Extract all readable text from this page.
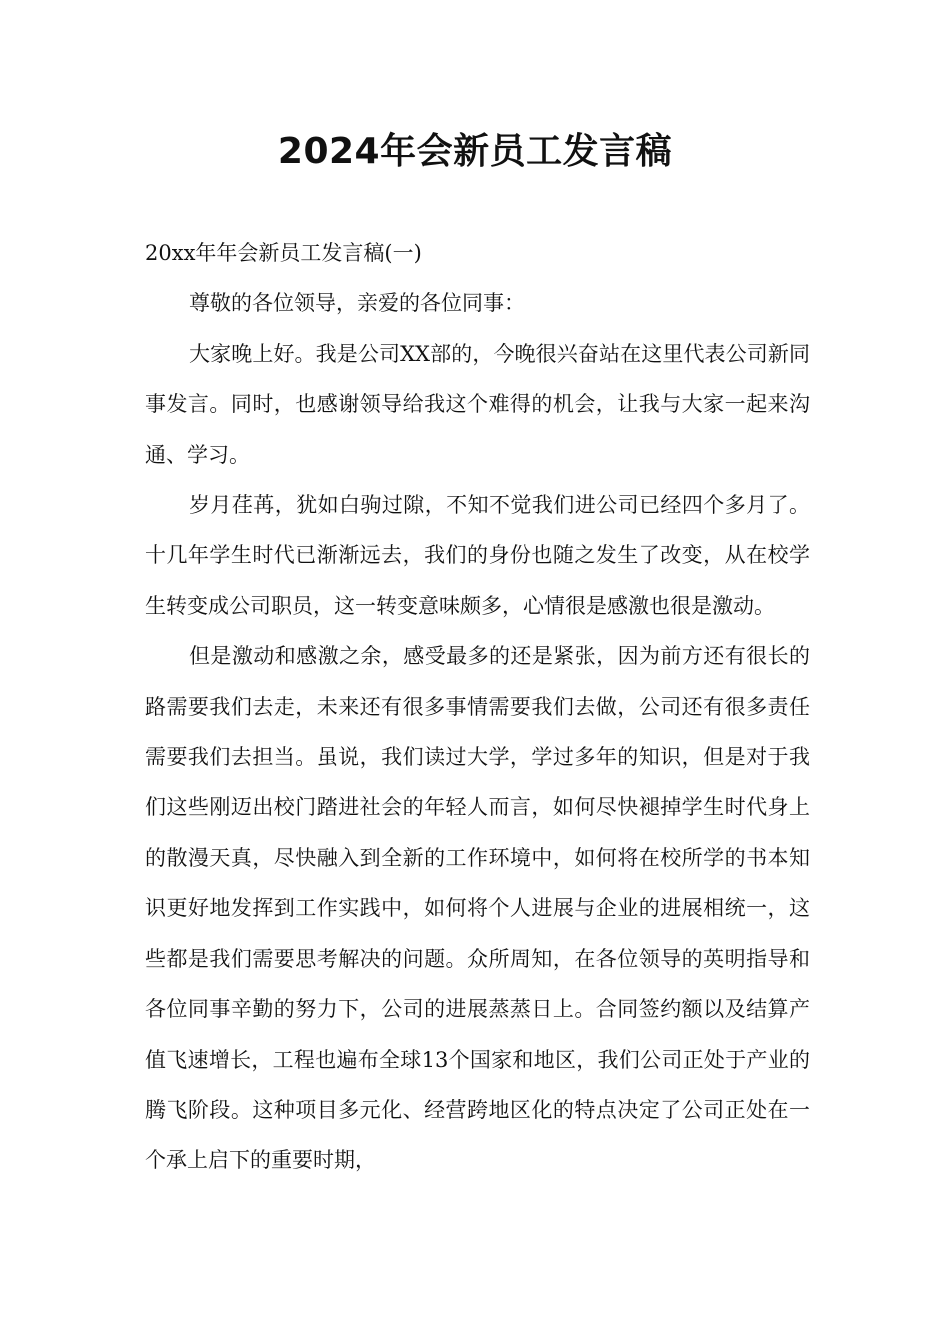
2024年会新员工发言稿

20xx年年会新员工发言稿(一)

尊敬的各位领导，亲爱的各位同事：

大家晚上好。我是公司XX部的，今晚很兴奋站在这里代表公司新同事发言。同时，也感谢领导给我这个难得的机会，让我与大家一起来沟通、学习。

岁月荏苒，犹如白驹过隙，不知不觉我们进公司已经四个多月了。十几年学生时代已渐渐远去，我们的身份也随之发生了改变，从在校学生转变成公司职员，这一转变意味颇多，心情很是感激也很是激动。

但是激动和感激之余，感受最多的还是紧张，因为前方还有很长的路需要我们去走，未来还有很多事情需要我们去做，公司还有很多责任需要我们去担当。虽说，我们读过大学，学过多年的知识，但是对于我们这些刚迈出校门踏进社会的年轻人而言，如何尽快褪掉学生时代身上的散漫天真，尽快融入到全新的工作环境中，如何将在校所学的书本知识更好地发挥到工作实践中，如何将个人进展与企业的进展相统一，这些都是我们需要思考解决的问题。众所周知，在各位领导的英明指导和各位同事辛勤的努力下，公司的进展蒸蒸日上。合同签约额以及结算产值飞速增长，工程也遍布全球13个国家和地区，我们公司正处于产业的腾飞阶段。这种项目多元化、经营跨地区化的特点决定了公司正处在一个承上启下的重要时期，
